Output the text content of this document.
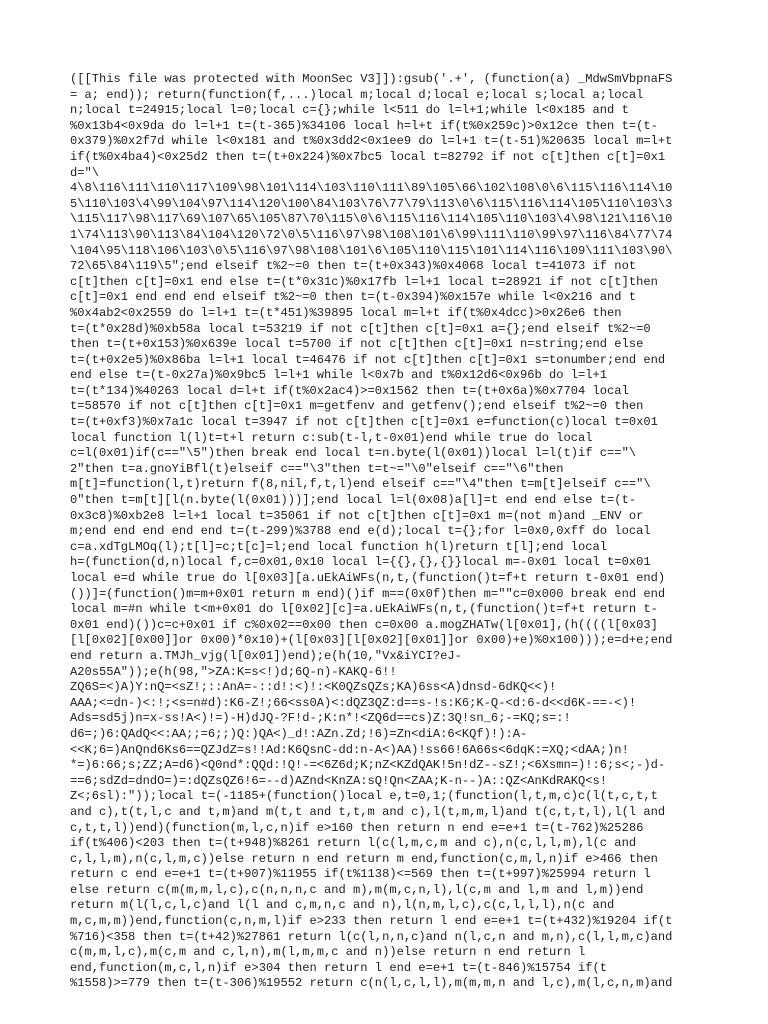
([[This file was protected with MoonSec V3]]):gsub('.+', (function(a) _MdwSmVbpnaFS
= a; end)); return(function(f,...)local m;local d;local e;local s;local a;local
n;local t=24915;local l=0;local c={};while l<511 do l=l+1;while l<0x185 and t
%0x13b4<0x9da do l=l+1 t=(t-365)%34106 local h=l+t if(t%0x259c)>0x12ce then t=(t-
0x379)%0x2f7d while l<0x181 and t%0x3dd2<0x1ee9 do l=l+1 t=(t-51)%20635 local m=l+t
if(t%0x4ba4)<0x25d2 then t=(t+0x224)%0x7bc5 local t=82792 if not c[t]then c[t]=0x1
d="\
4\8\116\111\110\117\109\98\101\114\103\110\111\89\105\66\102\108\0\6\115\116\114\10
5\110\103\4\99\104\97\114\120\100\84\103\76\77\79\113\0\6\115\116\114\105\110\103\3
\115\117\98\117\69\107\65\105\87\70\115\0\6\115\116\114\105\110\103\4\98\121\116\10
1\74\113\90\113\84\104\120\72\0\5\116\97\98\108\101\6\99\111\110\99\97\116\84\77\74
\104\95\118\106\103\0\5\116\97\98\108\101\6\105\110\115\101\114\116\109\111\103\90\
72\65\84\119\5";end elseif t%2~=0 then t=(t+0x343)%0x4068 local t=41073 if not
c[t]then c[t]=0x1 end else t=(t*0x31c)%0x17fb l=l+1 local t=28921 if not c[t]then
c[t]=0x1 end end end elseif t%2~=0 then t=(t-0x394)%0x157e while l<0x216 and t
%0x4ab2<0x2559 do l=l+1 t=(t*451)%39895 local m=l+t if(t%0x4dcc)>0x26e6 then
t=(t*0x28d)%0xb58a local t=53219 if not c[t]then c[t]=0x1 a={};end elseif t%2~=0
then t=(t+0x153)%0x639e local t=5700 if not c[t]then c[t]=0x1 n=string;end else
t=(t+0x2e5)%0x86ba l=l+1 local t=46476 if not c[t]then c[t]=0x1 s=tonumber;end end
end else t=(t-0x27a)%0x9bc5 l=l+1 while l<0x7b and t%0x12d6<0x96b do l=l+1
t=(t*134)%40263 local d=l+t if(t%0x2ac4)>=0x1562 then t=(t+0x6a)%0x7704 local
t=58570 if not c[t]then c[t]=0x1 m=getfenv and getfenv();end elseif t%2~=0 then
t=(t+0xf3)%0x7a1c local t=3947 if not c[t]then c[t]=0x1 e=function(c)local t=0x01
local function l(l)t=t+l return c:sub(t-l,t-0x01)end while true do local
c=l(0x01)if(c=="\5")then break end local t=n.byte(l(0x01))local l=l(t)if c=="\
2"then t=a.gnoYiBfl(t)elseif c=="\3"then t=t~="\0"elseif c=="\6"then
m[t]=function(l,t)return f(8,nil,f,t,l)end elseif c=="\4"then t=m[t]elseif c=="\
0"then t=m[t][l(n.byte(l(0x01)))];end local l=l(0x08)a[l]=t end end else t=(t-
0x3c8)%0xb2e8 l=l+1 local t=35061 if not c[t]then c[t]=0x1 m=(not m)and _ENV or
m;end end end end end t=(t-299)%3788 end e(d);local t={};for l=0x0,0xff do local
c=a.xdTgLMOq(l);t[l]=c;t[c]=l;end local function h(l)return t[l];end local
h=(function(d,n)local f,c=0x01,0x10 local l={{},{},{}}local m=-0x01 local t=0x01
local e=d while true do l[0x03][a.uEkAiWFs(n,t,(function()t=f+t return t-0x01 end)
())]=(function()m=m+0x01 return m end)()if m==(0x0f)then m=""c=0x000 break end end
local m=#n while t<m+0x01 do l[0x02][c]=a.uEkAiWFs(n,t,(function()t=f+t return t-
0x01 end)())c=c+0x01 if c%0x02==0x00 then c=0x00 a.mogZHATw(l[0x01],(h((((l[0x03]
[l[0x02][0x00]]or 0x00)*0x10)+(l[0x03][l[0x02][0x01]]or 0x00)+e)%0x100)));e=d+e;end
end return a.TMJh_vjg(l[0x01])end);e(h(10,"Vx&iYCI?eJ-
A20s55A"));e(h(98,">ZA:K=s<!)d;6Q-n)-KAKQ-6!!
ZQ6S=<)A)Y:nQ=<sZ!;::AnA=-::d!:<)!:<K0QZsQZs;KA)6ss<A)dnsd-6dKQ<<)!
AAA;<=dn-)<:!;<s=n#d):K6-Z!;66<ss0A)<:dQZ3QZ:d==s-!s:K6;K-Q-<d:6-d<<d6K-==-<)!
Ads=sd5j)n=x-ss!A<)!=)-H)dJQ-?F!d-;K:n*!<ZQ6d==cs)Z:3Q!sn_6;-=KQ;s=:!
d6=;)6:QAdQ<<:AA;;=6;;)Q:)QA<)_d!:AZn.Zd;!6)=Zn<diA:6<KQf)!):A-
<<K;6=)AnQnd6Ks6==QZJdZ=s!!Ad:K6QsnC-dd:n-A<)AA)!ss66!6A66s<6dqK:=XQ;<dAA;)n!
*=)6:66;s;ZZ;A=d6)<Q0nd*:QQd:!Q!-=<6Z6d;K;nZ<KZdQAK!5n!dZ--sZ!;<6Xsmn=)!:6;s<;-)d-
==6;sdZd=dndO=)=:dQZsQZ6!6=--d)AZnd<KnZA:sQ!Qn<ZAA;K-n--)A::QZ<AnKdRAKQ<s!
Z<;6sl):"));local t=(-1185+(function()local e,t=0,1;(function(l,t,m,c)c(l(t,c,t,t
and c),t(t,l,c and t,m)and m(t,t and t,t,m and c),l(t,m,m,l)and t(c,t,t,l),l(l and
c,t,t,l))end)(function(m,l,c,n)if e>160 then return n end e=e+1 t=(t-762)%25286
if(t%406)<203 then t=(t+948)%8261 return l(c(l,m,c,m and c),n(c,l,l,m),l(c and
c,l,l,m),n(c,l,m,c))else return n end return m end,function(c,m,l,n)if e>466 then
return c end e=e+1 t=(t+907)%11955 if(t%1138)<=569 then t=(t+997)%25994 return l
else return c(m(m,m,l,c),c(n,n,n,c and m),m(m,c,n,l),l(c,m and l,m and l,m))end
return m(l(l,c,l,c)and l(l and c,m,n,c and n),l(n,m,l,c),c(c,l,l,l),n(c and
m,c,m,m))end,function(c,n,m,l)if e>233 then return l end e=e+1 t=(t+432)%19204 if(t
%716)<358 then t=(t+42)%27861 return l(c(l,n,n,c)and n(l,c,n and m,n),c(l,l,m,c)and
c(m,m,l,c),m(c,m and c,l,n),m(l,m,m,c and n))else return n end return l
end,function(m,c,l,n)if e>304 then return l end e=e+1 t=(t-846)%15754 if(t
%1558)>=779 then t=(t-306)%19552 return c(n(l,c,l,l),m(m,m,n and l,c),m(l,c,n,m)and
